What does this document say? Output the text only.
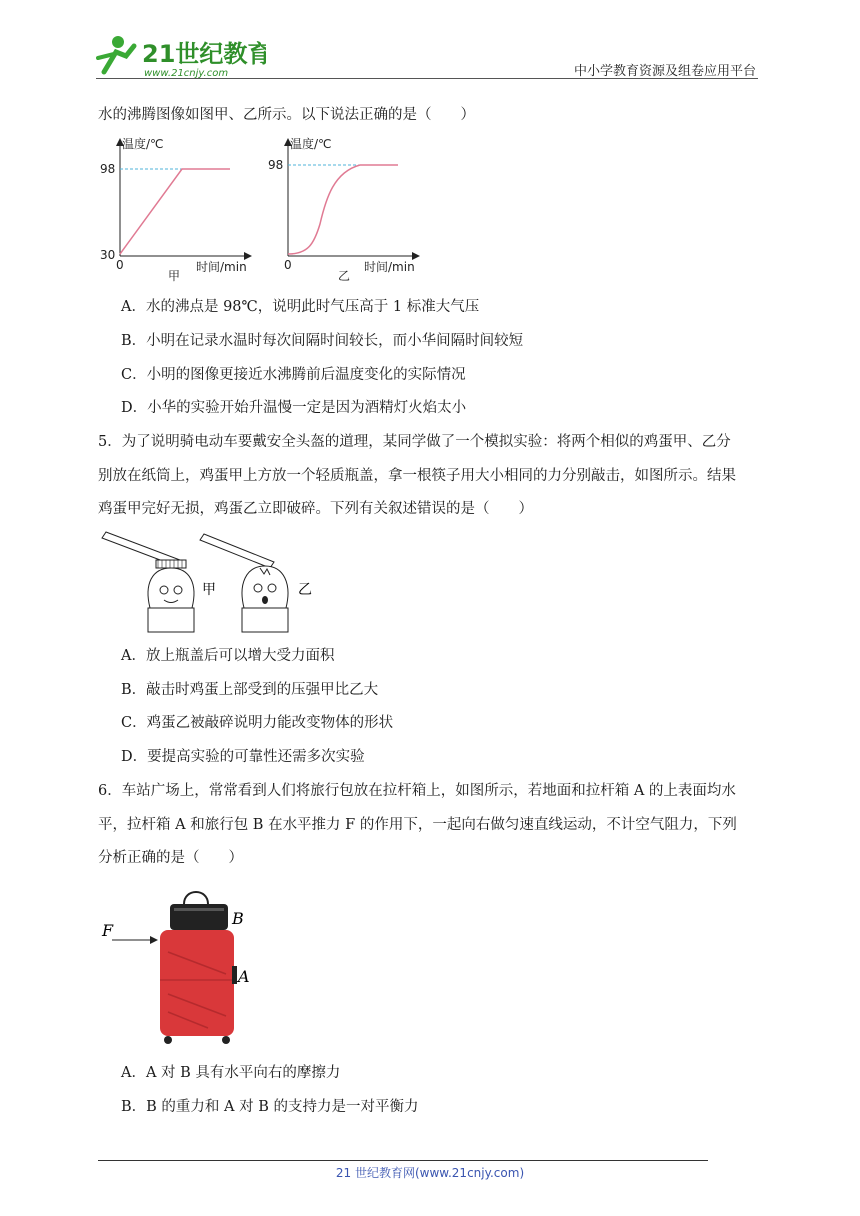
21世纪教育
www.21cnjy.com	中小学教育资源及组卷应用平台
水的沸腾图像如图甲、乙所示。以下说法正确的是（　　）
温度/℃
98
30
0
甲
时间/min
温度/℃
98
0
乙
时间/min
A．水的沸点是 98℃，说明此时气压高于 1 标准大气压
B．小明在记录水温时每次间隔时间较长，而小华间隔时间较短
C．小明的图像更接近水沸腾前后温度变化的实际情况
D．小华的实验开始升温慢一定是因为酒精灯火焰太小
5．为了说明骑电动车要戴安全头盔的道理，某同学做了一个模拟实验：将两个相似的鸡蛋甲、乙分
别放在纸筒上，鸡蛋甲上方放一个轻质瓶盖，拿一根筷子用大小相同的力分别敲击，如图所示。结果
鸡蛋甲完好无损，鸡蛋乙立即破碎。下列有关叙述错误的是（　　）
甲	乙
A．放上瓶盖后可以增大受力面积
B．敲击时鸡蛋上部受到的压强甲比乙大
C．鸡蛋乙被敲碎说明力能改变物体的形状
D．要提高实验的可靠性还需多次实验
6．车站广场上，常常看到人们将旅行包放在拉杆箱上，如图所示，若地面和拉杆箱 A 的上表面均水
平，拉杆箱 A 和旅行包 B 在水平推力 F 的作用下，一起向右做匀速直线运动，不计空气阻力，下列
分析正确的是（　　）
F
B
A
A．A 对 B 具有水平向右的摩擦力
B．B 的重力和 A 对 B 的支持力是一对平衡力
21 世纪教育网(www.21cnjy.com)
